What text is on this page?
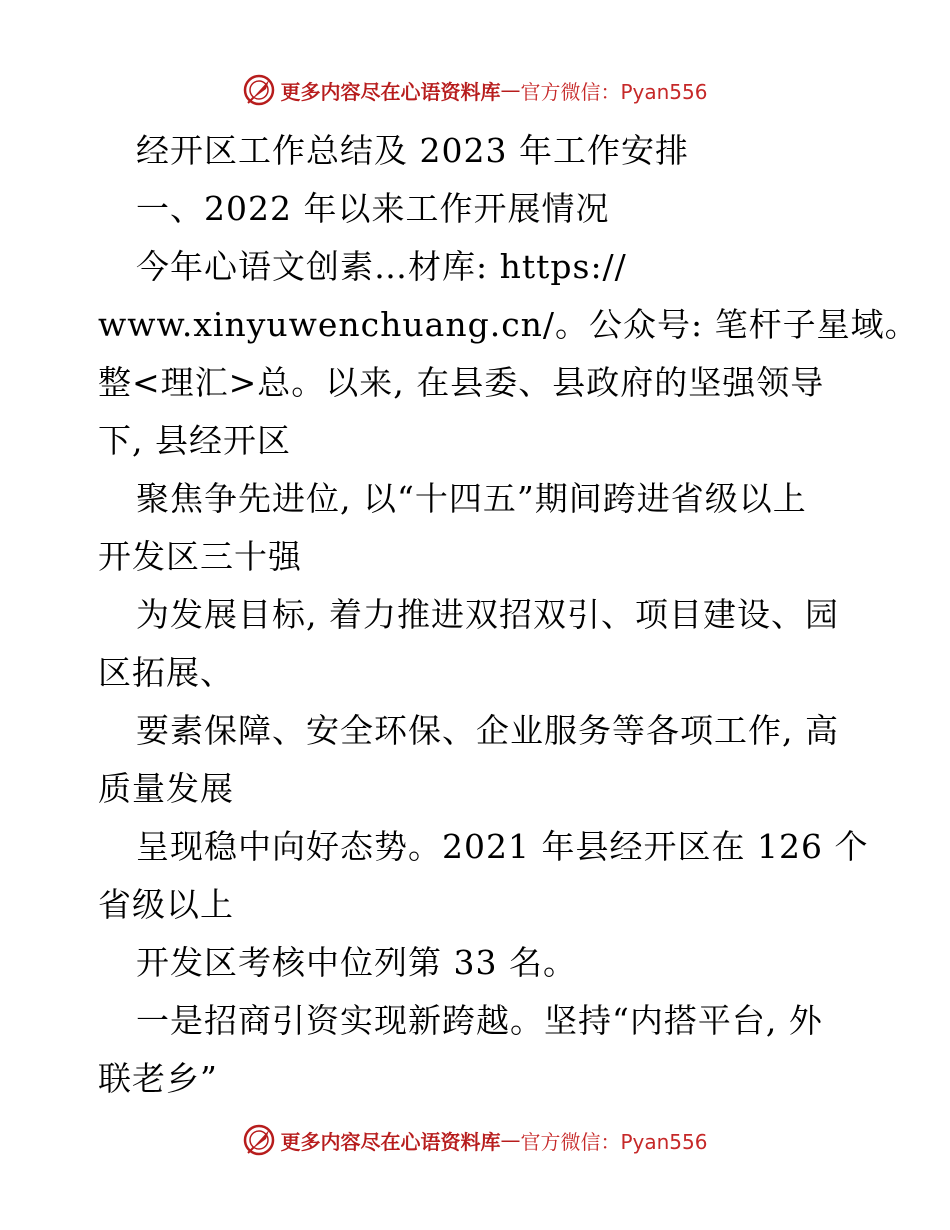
更多内容尽在心语资料库 — 官方微信：Pyan556

经开区工作总结及 2023 年工作安排

一、2022 年以来工作开展情况

今年心语文创素…材库: https://

www.xinyuwenchuang.cn/。公众号: 笔杆子星域。

整<理汇>总。以来, 在县委、县政府的坚强领导

下, 县经开区

聚焦争先进位, 以“十四五”期间跨进省级以上

开发区三十强

为发展目标, 着力推进双招双引、项目建设、园

区拓展、

要素保障、安全环保、企业服务等各项工作, 高

质量发展

呈现稳中向好态势。2021 年县经开区在 126 个

省级以上

开发区考核中位列第 33 名。

一是招商引资实现新跨越。坚持“内搭平台, 外

联老乡”

更多内容尽在心语资料库 — 官方微信：Pyan556
